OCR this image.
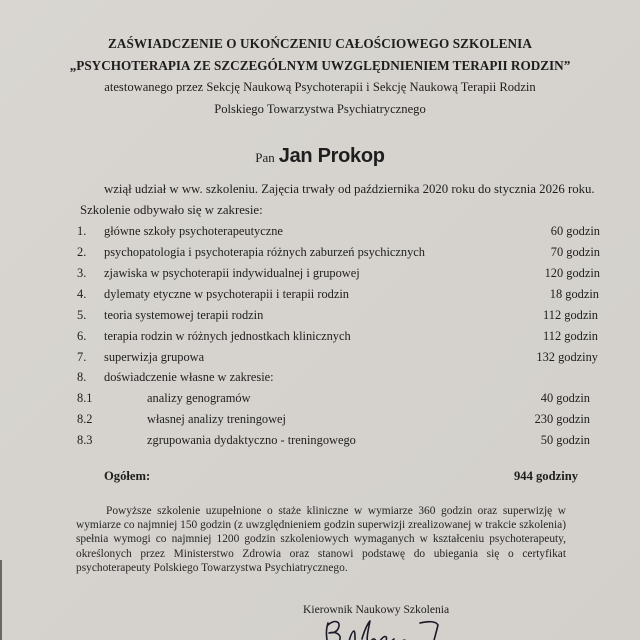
ZAŚWIADCZENIE O UKOŃCZENIU CAŁOŚCIOWEGO SZKOLENIA
„PSYCHOTERAPIA ZE SZCZEGÓLNYM UWZGLĘDNIENIEM TERAPII RODZIN”
atestowanego przez Sekcję Naukową Psychoterapii i Sekcję Naukową Terapii Rodzin
Polskiego Towarzystwa Psychiatrycznego
Pan Jan Prokop
wziął udział w ww. szkoleniu. Zajęcia trwały od października 2020 roku do stycznia 2026 roku.
Szkolenie odbywało się w zakresie:
1. główne szkoły psychoterapeutyczne	60 godzin
2. psychopatologia i psychoterapia różnych zaburzeń psychicznych	70 godzin
3. zjawiska w psychoterapii indywidualnej i grupowej	120 godzin
4. dylematy etyczne w psychoterapii i terapii rodzin	18 godzin
5. teoria systemowej terapii rodzin	112 godzin
6. terapia rodzin w różnych jednostkach klinicznych	112 godzin
7. superwizja grupowa	132 godziny
8. doświadczenie własne w zakresie:
8.1	analizy genogramów	40 godzin
8.2	własnej analizy treningowej	230 godzin
8.3	zgrupowania dydaktyczno - treningowego	50 godzin
Ogółem:	944 godziny
Powyższe szkolenie uzupełnione o staże kliniczne w wymiarze 360 godzin oraz superwizję w wymiarze co najmniej 150 godzin (z uwzględnieniem godzin superwizji zrealizowanej w trakcie szkolenia) spełnia wymogi co najmniej 1200 godzin szkoleniowych wymaganych w kształceniu psychoterapeuty, określonych przez Ministerstwo Zdrowia oraz stanowi podstawę do ubiegania się o certyfikat psychoterapeuty Polskiego Towarzystwa Psychiatrycznego.
Kierownik Naukowy Szkolenia
